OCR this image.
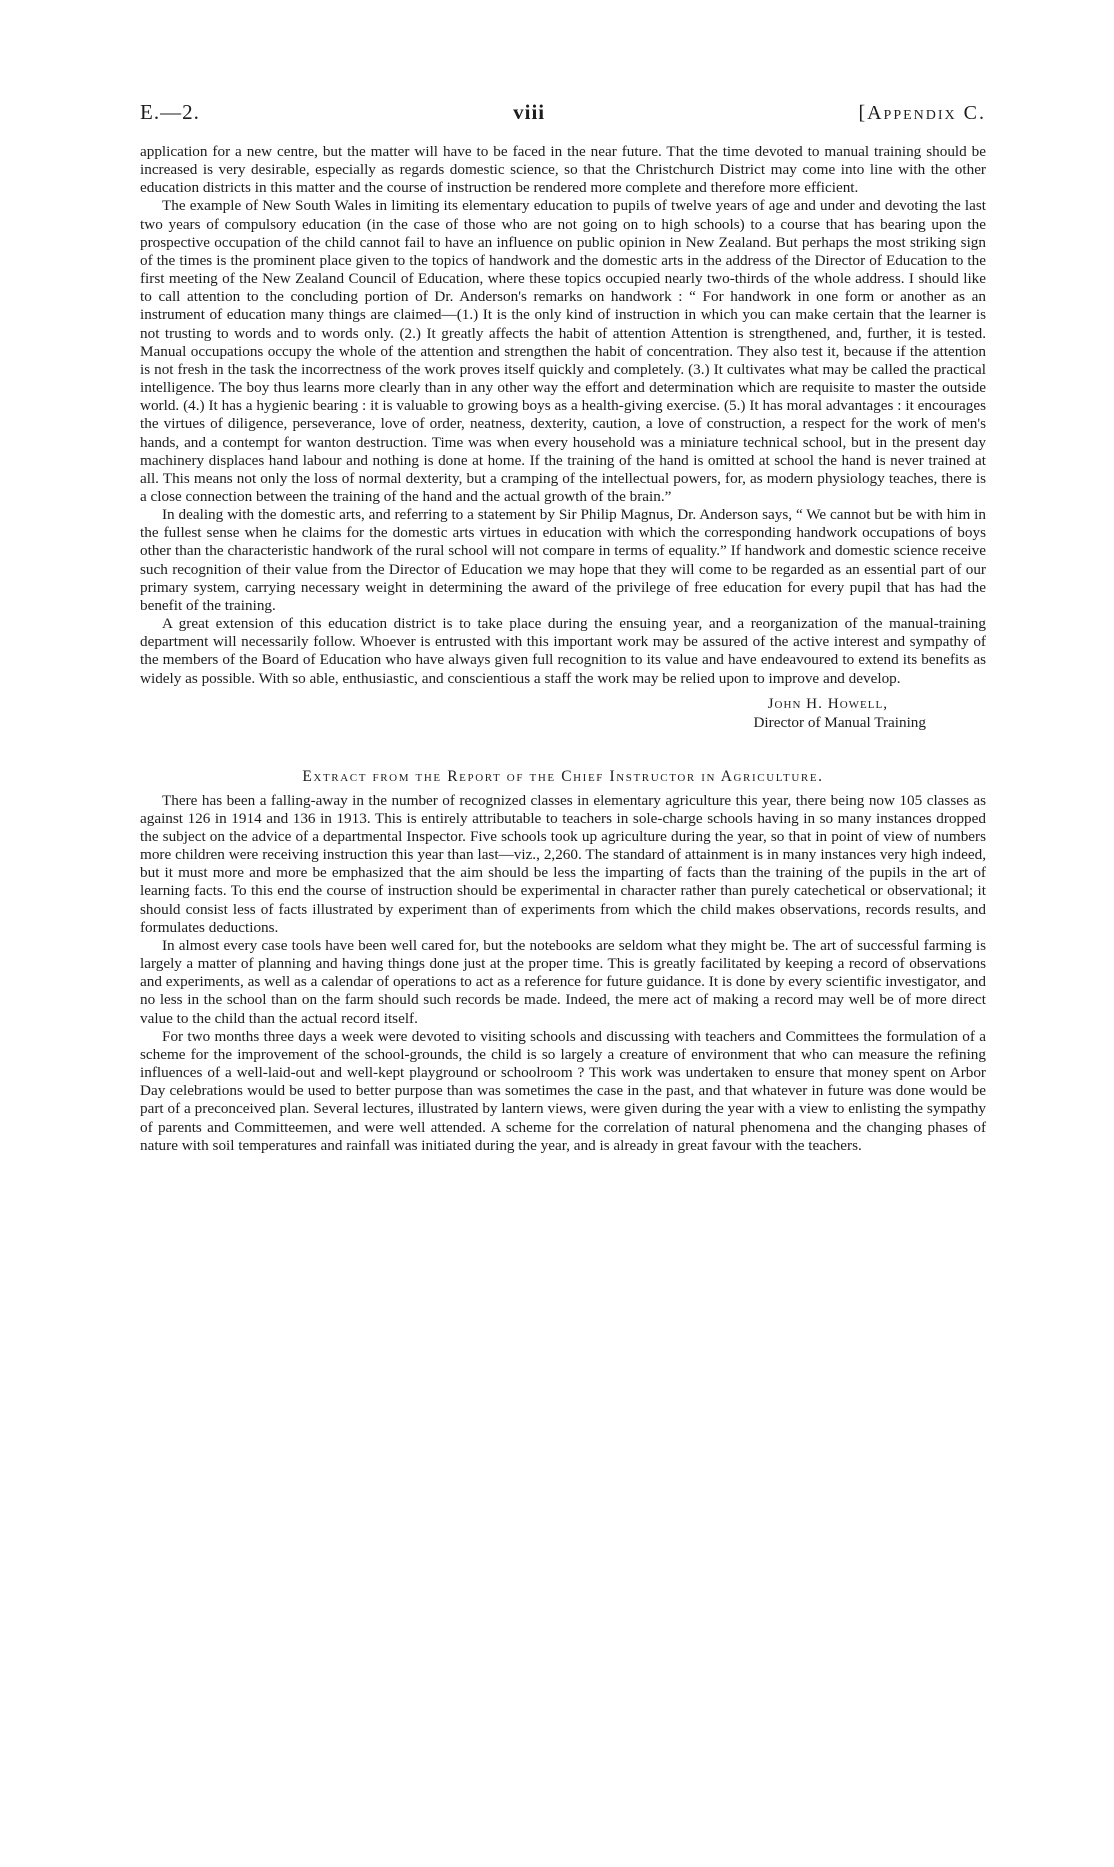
E.—2.	viii	[Appendix C.

application for a new centre, but the matter will have to be faced in the near future. That the time devoted to manual training should be increased is very desirable, especially as regards domestic science, so that the Christchurch District may come into line with the other education districts in this matter and the course of instruction be rendered more complete and therefore more efficient.

The example of New South Wales in limiting its elementary education to pupils of twelve years of age and under and devoting the last two years of compulsory education (in the case of those who are not going on to high schools) to a course that has bearing upon the prospective occupation of the child cannot fail to have an influence on public opinion in New Zealand. But perhaps the most striking sign of the times is the prominent place given to the topics of handwork and the domestic arts in the address of the Director of Education to the first meeting of the New Zealand Council of Education, where these topics occupied nearly two-thirds of the whole address. I should like to call attention to the concluding portion of Dr. Anderson's remarks on handwork : “ For handwork in one form or another as an instrument of education many things are claimed—(1.) It is the only kind of instruction in which you can make certain that the learner is not trusting to words and to words only. (2.) It greatly affects the habit of attention Attention is strengthened, and, further, it is tested. Manual occupations occupy the whole of the attention and strengthen the habit of concentration. They also test it, because if the attention is not fresh in the task the incorrectness of the work proves itself quickly and completely. (3.) It cultivates what may be called the practical intelligence. The boy thus learns more clearly than in any other way the effort and determination which are requisite to master the outside world. (4.) It has a hygienic bearing : it is valuable to growing boys as a health-giving exercise. (5.) It has moral advantages : it encourages the virtues of diligence, perseverance, love of order, neatness, dexterity, caution, a love of construction, a respect for the work of men's hands, and a contempt for wanton destruction. Time was when every household was a miniature technical school, but in the present day machinery displaces hand labour and nothing is done at home. If the training of the hand is omitted at school the hand is never trained at all. This means not only the loss of normal dexterity, but a cramping of the intellectual powers, for, as modern physiology teaches, there is a close connection between the training of the hand and the actual growth of the brain.”

In dealing with the domestic arts, and referring to a statement by Sir Philip Magnus, Dr. Anderson says, “ We cannot but be with him in the fullest sense when he claims for the domestic arts virtues in education with which the corresponding handwork occupations of boys other than the characteristic handwork of the rural school will not compare in terms of equality.” If handwork and domestic science receive such recognition of their value from the Director of Education we may hope that they will come to be regarded as an essential part of our primary system, carrying necessary weight in determining the award of the privilege of free education for every pupil that has had the benefit of the training.

A great extension of this education district is to take place during the ensuing year, and a reorganization of the manual-training department will necessarily follow. Whoever is entrusted with this important work may be assured of the active interest and sympathy of the members of the Board of Education who have always given full recognition to its value and have endeavoured to extend its benefits as widely as possible. With so able, enthusiastic, and conscientious a staff the work may be relied upon to improve and develop.

John H. Howell,
Director of Manual Training
Extract from the Report of the Chief Instructor in Agriculture.

There has been a falling-away in the number of recognized classes in elementary agriculture this year, there being now 105 classes as against 126 in 1914 and 136 in 1913. This is entirely attributable to teachers in sole-charge schools having in so many instances dropped the subject on the advice of a departmental Inspector. Five schools took up agriculture during the year, so that in point of view of numbers more children were receiving instruction this year than last—viz., 2,260. The standard of attainment is in many instances very high indeed, but it must more and more be emphasized that the aim should be less the imparting of facts than the training of the pupils in the art of learning facts. To this end the course of instruction should be experimental in character rather than purely catechetical or observational; it should consist less of facts illustrated by experiment than of experiments from which the child makes observations, records results, and formulates deductions.

In almost every case tools have been well cared for, but the notebooks are seldom what they might be. The art of successful farming is largely a matter of planning and having things done just at the proper time. This is greatly facilitated by keeping a record of observations and experiments, as well as a calendar of operations to act as a reference for future guidance. It is done by every scientific investigator, and no less in the school than on the farm should such records be made. Indeed, the mere act of making a record may well be of more direct value to the child than the actual record itself.

For two months three days a week were devoted to visiting schools and discussing with teachers and Committees the formulation of a scheme for the improvement of the school-grounds, the child is so largely a creature of environment that who can measure the refining influences of a well-laid-out and well-kept playground or schoolroom ? This work was undertaken to ensure that money spent on Arbor Day celebrations would be used to better purpose than was sometimes the case in the past, and that whatever in future was done would be part of a preconceived plan. Several lectures, illustrated by lantern views, were given during the year with a view to enlisting the sympathy of parents and Committeemen, and were well attended. A scheme for the correlation of natural phenomena and the changing phases of nature with soil temperatures and rainfall was initiated during the year, and is already in great favour with the teachers.
